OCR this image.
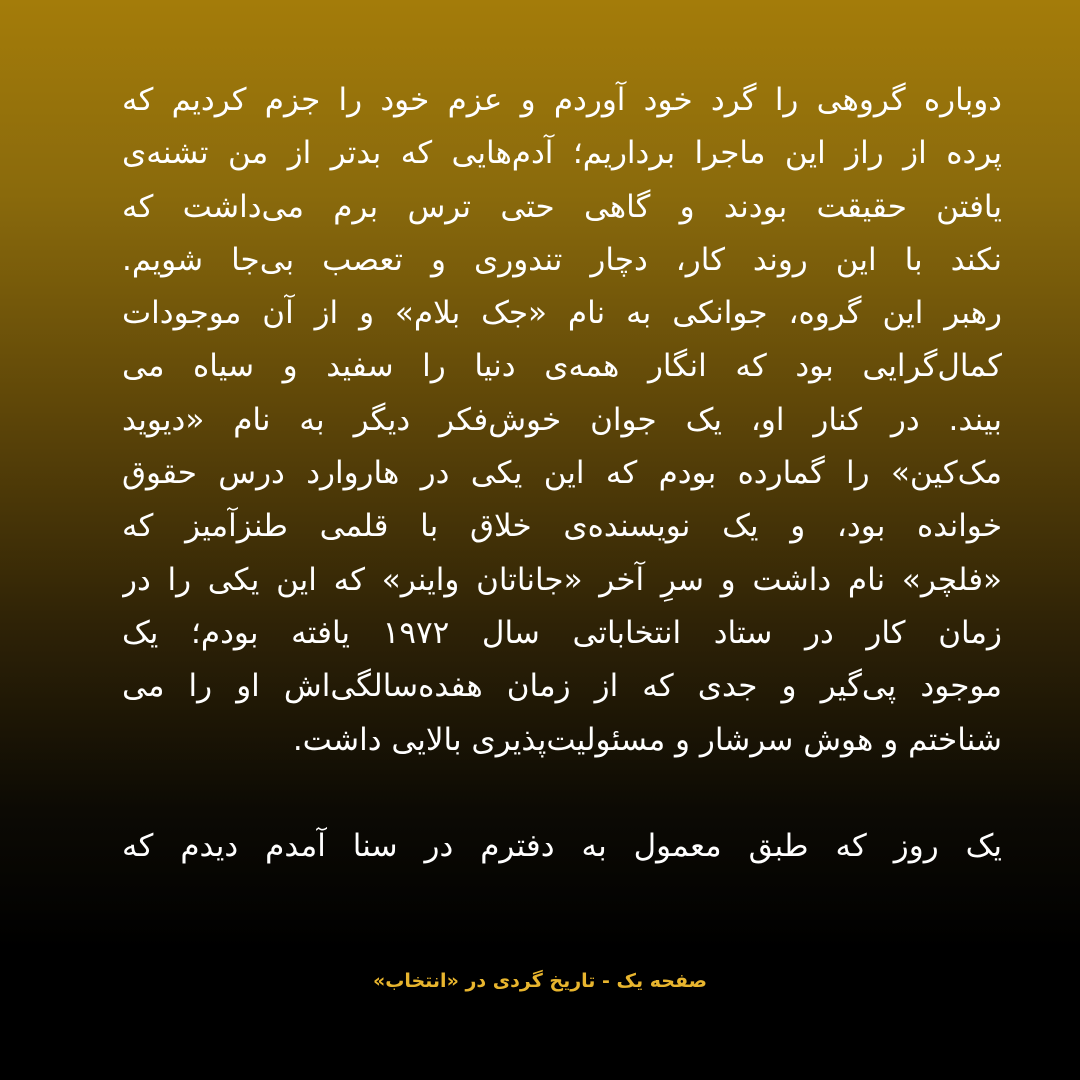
دوباره گروهی را گرد خود آوردم و عزم خود را جزم کردیم که
پرده از راز این ماجرا برداریم؛ آدم‌هایی که بدتر از من تشنه‌ی
یافتن حقیقت بودند و گاهی حتی ترس برم می‌داشت که
نکند با این روند کار، دچار تندوری و تعصب بی‌جا شویم.
رهبر این گروه، جوانکی به نام «جک بلام» و از آن موجودات
کمال‌گرایی بود که انگار همه‌ی دنیا را سفید و سیاه می
بیند. در کنار او، یک جوان خوش‌فکر دیگر به نام «دیوید
مک‌کین» را گمارده بودم که این یکی در هاروارد درس حقوق
خوانده بود، و یک نویسنده‌ی خلاق با قلمی طنزآمیز که
«فلچر» نام داشت و سرِ آخر «جاناتان واینر» که این یکی را در
زمان کار در ستاد انتخاباتی سال ۱۹۷۲ یافته بودم؛ یک
موجود پی‌گیر و جدی که از زمان هفده‌سالگی‌اش او را می
شناختم و هوش سرشار و مسئولیت‌پذیری بالایی داشت.
یک روز که طبق معمول به دفترم در سنا آمدم دیدم که
صفحه یک - تاریخ گردی در «انتخاب»
